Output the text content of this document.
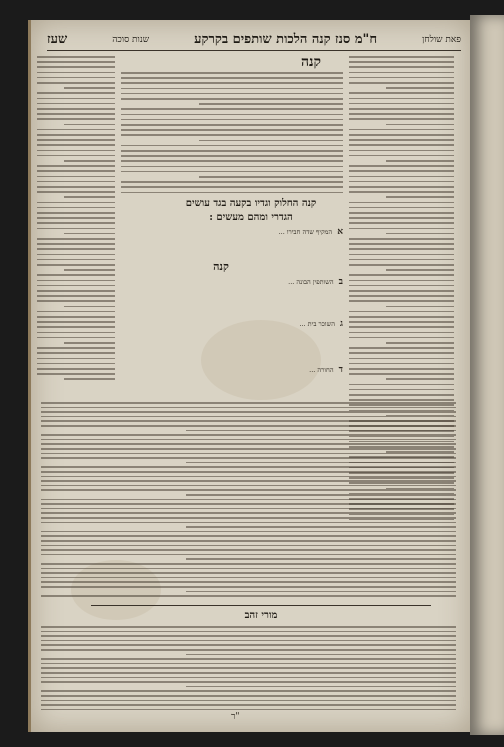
פאת שולחן
ח"מ סנז קנה הלכות שותפים בקרקע
שנות סוכה
שעז
קנה
קנה החלוק וגדיו בקעה בגד עושים
הגדרי ומהם מעשים :
קנה
א המקיף שדה חבירו ...
ב השותפין הבונה ...
ג השוכר בית ...
ד החורה ...
מורי זהב
ר"
